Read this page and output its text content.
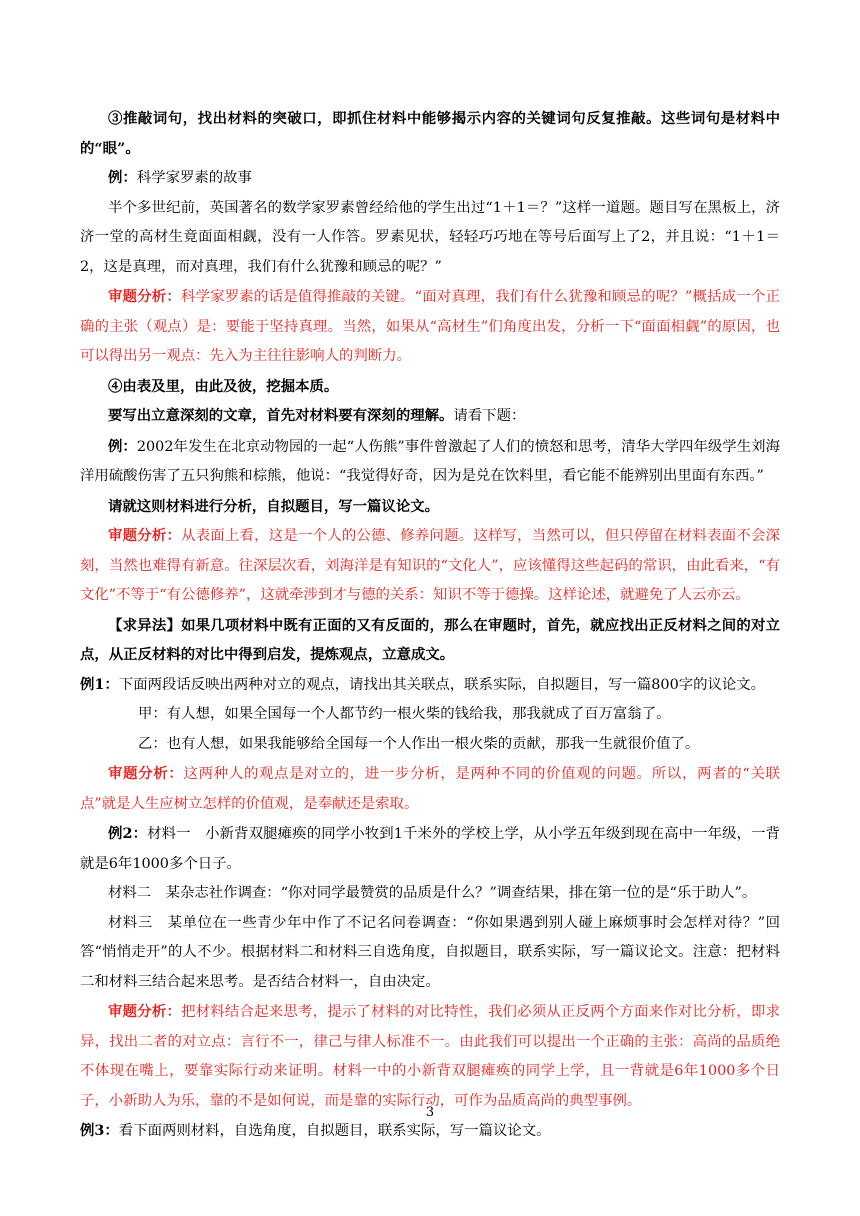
③推敲词句，找出材料的突破口，即抓住材料中能够揭示内容的关键词句反复推敲。这些词句是材料中的“眼”。

例：科学家罗素的故事

半个多世纪前，英国著名的数学家罗素曾经给他的学生出过“1＋1＝？”这样一道题。题目写在黑板上，济济一堂的高材生竟面面相觑，没有一人作答。罗素见状，轻轻巧巧地在等号后面写上了2，并且说：“1＋1＝2，这是真理，而对真理，我们有什么犹豫和顾忌的呢？”

审题分析：科学家罗素的话是值得推敲的关键。“面对真理，我们有什么犹豫和顾忌的呢？”概括成一个正确的主张（观点）是：要能于坚持真理。当然，如果从“高材生”们角度出发，分析一下“面面相觑”的原因，也可以得出另一观点：先入为主往往影响人的判断力。

④由表及里，由此及彼，挖掘本质。

要写出立意深刻的文章，首先对材料要有深刻的理解。请看下题：

例：2002年发生在北京动物园的一起“人伤熊”事件曾激起了人们的愤怒和思考，清华大学四年级学生刘海洋用硫酸伤害了五只狗熊和棕熊，他说：“我觉得好奇，因为是兑在饮料里，看它能不能辨别出里面有东西。”

请就这则材料进行分析，自拟题目，写一篇议论文。

审题分析：从表面上看，这是一个人的公德、修养问题。这样写，当然可以，但只停留在材料表面不会深刻，当然也难得有新意。往深层次看，刘海洋是有知识的“文化人”，应该懂得这些起码的常识，由此看来，“有文化”不等于“有公德修养”，这就牵涉到才与德的关系：知识不等于德操。这样论述，就避免了人云亦云。

【求异法】如果几项材料中既有正面的又有反面的，那么在审题时，首先，就应找出正反材料之间的对立点，从正反材料的对比中得到启发，提炼观点，立意成文。

例1：下面两段话反映出两种对立的观点，请找出其关联点，联系实际，自拟题目，写一篇800字的议论文。

甲：有人想，如果全国每一个人都节约一根火柴的钱给我，那我就成了百万富翁了。

乙：也有人想，如果我能够给全国每一个人作出一根火柴的贡献，那我一生就很价值了。

审题分析：这两种人的观点是对立的，进一步分析，是两种不同的价值观的问题。所以，两者的“关联点”就是人生应树立怎样的价值观，是奉献还是索取。

例2：材料一　小新背双腿瘫痪的同学小牧到1千米外的学校上学，从小学五年级到现在高中一年级，一背就是6年1000多个日子。

材料二　某杂志社作调查：“你对同学最赞赏的品质是什么？”调查结果，排在第一位的是“乐于助人”。

材料三　某单位在一些青少年中作了不记名问卷调查：“你如果遇到别人碰上麻烦事时会怎样对待？”回答“悄悄走开”的人不少。根据材料二和材料三自选角度，自拟题目，联系实际，写一篇议论文。注意：把材料二和材料三结合起来思考。是否结合材料一，自由决定。

审题分析：把材料结合起来思考，提示了材料的对比特性，我们必须从正反两个方面来作对比分析，即求异，找出二者的对立点：言行不一，律己与律人标准不一。由此我们可以提出一个正确的主张：高尚的品质绝不体现在嘴上，要靠实际行动来证明。材料一中的小新背双腿瘫痪的同学上学，且一背就是6年1000多个日子，小新助人为乐，靠的不是如何说，而是靠的实际行动，可作为品质高尚的典型事例。

例3：看下面两则材料，自选角度，自拟题目，联系实际，写一篇议论文。

3
